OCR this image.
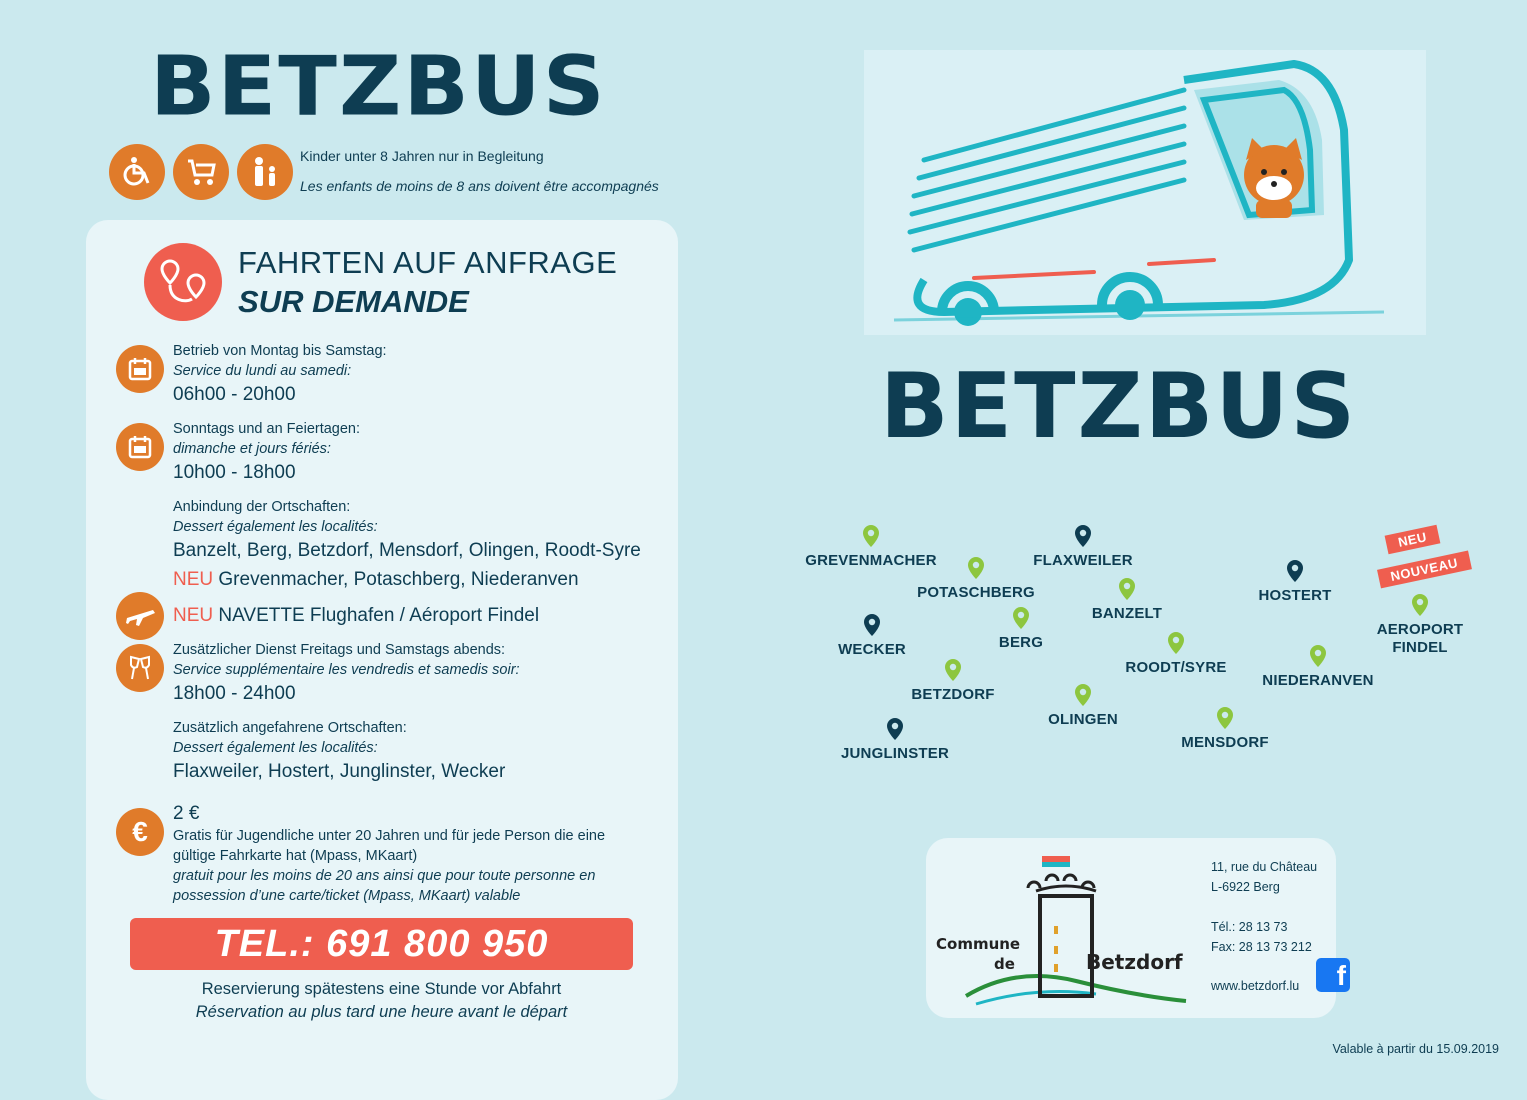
BETZBUS
Kinder unter 8 Jahren nur in Begleitung
Les enfants de moins de 8 ans doivent être accompagnés
FAHRTEN AUF ANFRAGE
SUR DEMANDE
Betrieb von Montag bis Samstag:
Service du lundi au samedi:
06h00 - 20h00
Sonntags und an Feiertagen:
dimanche et jours fériés:
10h00 - 18h00
Anbindung der Ortschaften:
Dessert également les localités:
Banzelt, Berg, Betzdorf, Mensdorf, Olingen, Roodt-Syre
NEU Grevenmacher, Potaschberg, Niederanven
NEU NAVETTE Flughafen / Aéroport Findel
Zusätzlicher Dienst Freitags und Samstags abends:
Service supplémentaire les vendredis et samedis soir:
18h00 - 24h00
Zusätzlich angefahrene Ortschaften:
Dessert également les localités:
Flaxweiler, Hostert, Junglinster, Wecker
€
2 €
Gratis für Jugendliche unter 20 Jahren und für jede Person die eine
gültige Fahrkarte hat (Mpass, MKaart)
gratuit pour les moins de 20 ans ainsi que pour toute personne en
possession d’une carte/ticket (Mpass, MKaart) valable
TEL.: 691 800 950
Reservierung spätestens eine Stunde vor Abfahrt
Réservation au plus tard une heure avant le départ
BETZBUS
GREVENMACHER	FLAXWEILER
POTASCHBERG
BANZELT
HOSTERT
AEROPORT FINDEL
WECKER	BERG
ROODT/SYRE
NIEDERANVEN
BETZDORF
OLINGEN
MENSDORF
JUNGLINSTER
NEU
NOUVEAU
Commune
de	Betzdorf
11, rue du Château
L-6922 Berg
Tél.: 28 13 73
Fax: 28 13 73 212
www.betzdorf.lu	f
Valable à partir du 15.09.2019
